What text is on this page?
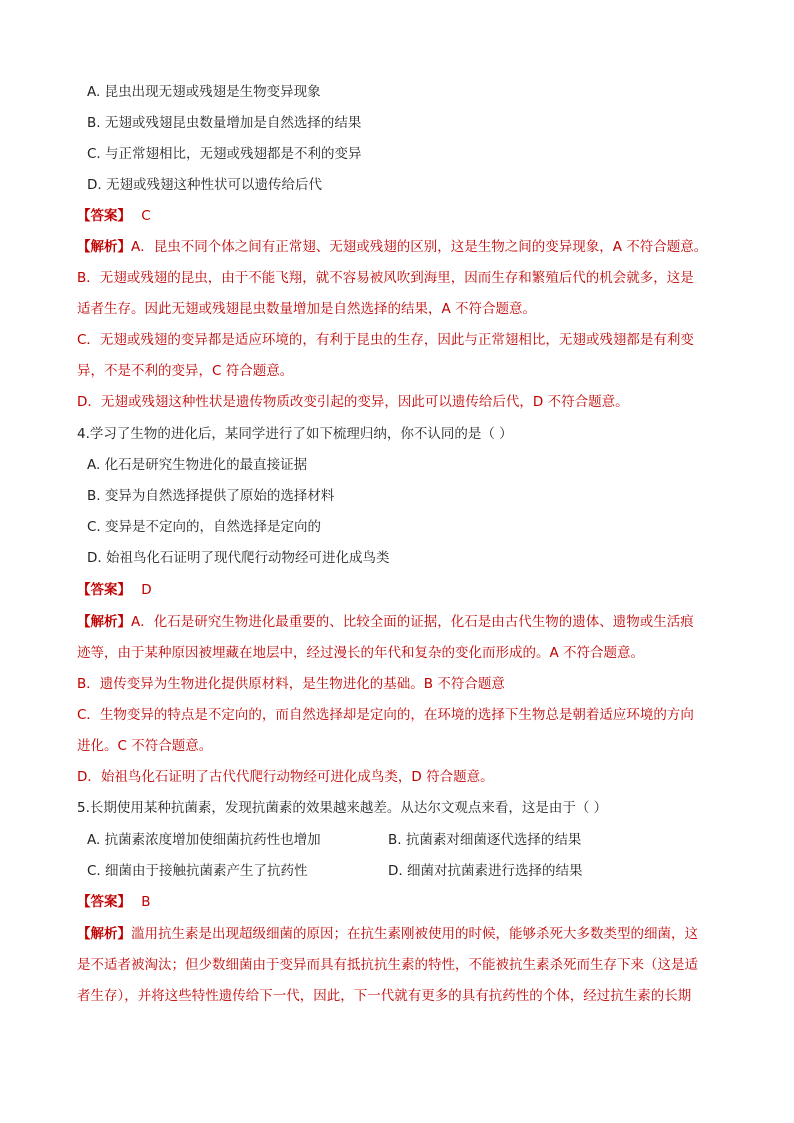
A. 昆虫出现无翅或残翅是生物变异现象
B. 无翅或残翅昆虫数量增加是自然选择的结果
C. 与正常翅相比，无翅或残翅都是不利的变异
D. 无翅或残翅这种性状可以遗传给后代
【答案】 C
【解析】A．昆虫不同个体之间有正常翅、无翅或残翅的区别，这是生物之间的变异现象，A 不符合题意。
B．无翅或残翅的昆虫，由于不能飞翔，就不容易被风吹到海里，因而生存和繁殖后代的机会就多，这是
适者生存。因此无翅或残翅昆虫数量增加是自然选择的结果，A 不符合题意。
C．无翅或残翅的变异都是适应环境的，有利于昆虫的生存，因此与正常翅相比，无翅或残翅都是有利变
异，不是不利的变异，C 符合题意。
D．无翅或残翅这种性状是遗传物质改变引起的变异，因此可以遗传给后代，D 不符合题意。
4.学习了生物的进化后，某同学进行了如下梳理归纳，你不认同的是（ ）
A. 化石是研究生物进化的最直接证据
B. 变异为自然选择提供了原始的选择材料
C. 变异是不定向的，自然选择是定向的
D. 始祖鸟化石证明了现代爬行动物经可进化成鸟类
【答案】 D
【解析】A．化石是研究生物进化最重要的、比较全面的证据，化石是由古代生物的遗体、遗物或生活痕
迹等，由于某种原因被埋藏在地层中，经过漫长的年代和复杂的变化而形成的。A 不符合题意。
B．遗传变异为生物进化提供原材料，是生物进化的基础。B 不符合题意
C．生物变异的特点是不定向的，而自然选择却是定向的，在环境的选择下生物总是朝着适应环境的方向
进化。C 不符合题意。
D．始祖鸟化石证明了古代代爬行动物经可进化成鸟类，D 符合题意。
5.长期使用某种抗菌素，发现抗菌素的效果越来越差。从达尔文观点来看，这是由于（ ）
A. 抗菌素浓度增加使细菌抗药性也增加	B. 抗菌素对细菌逐代选择的结果
C. 细菌由于接触抗菌素产生了抗药性	D. 细菌对抗菌素进行选择的结果
【答案】 B
【解析】滥用抗生素是出现超级细菌的原因；在抗生素刚被使用的时候，能够杀死大多数类型的细菌，这
是不适者被淘汰；但少数细菌由于变异而具有抵抗抗生素的特性，不能被抗生素杀死而生存下来（这是适
者生存），并将这些特性遗传给下一代，因此，下一代就有更多的具有抗药性的个体，经过抗生素的长期
